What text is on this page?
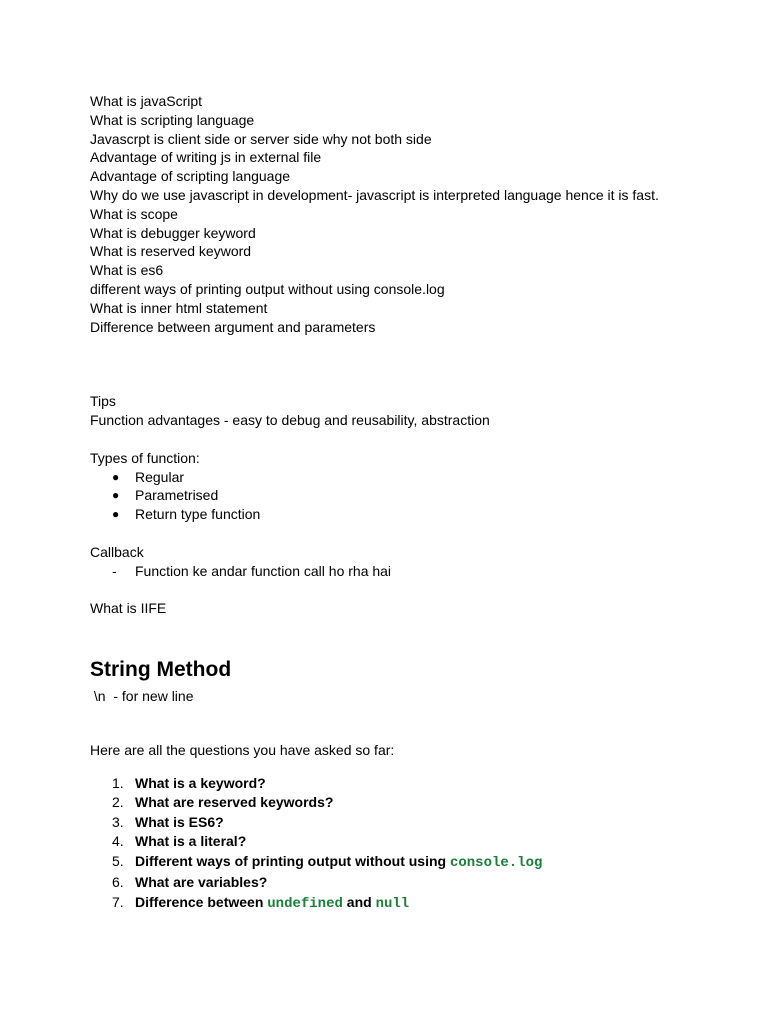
What is javaScript
What is scripting language
Javascrpt is client side or server side why not both side
Advantage of writing js in external file
Advantage of scripting language
Why do we use javascript in development- javascript is interpreted language hence it is fast.
What is scope
What is debugger keyword
What is reserved keyword
What is es6
different ways of printing output without using console.log
What is inner html statement
Difference between argument and parameters
Tips
Function advantages - easy to debug and reusability, abstraction
Types of function:
● Regular
● Parametrised
● Return type function
Callback
- Function ke andar function call ho rha hai
What is IIFE
String Method
\n  - for new line
Here are all the questions you have asked so far:
1. What is a keyword?
2. What are reserved keywords?
3. What is ES6?
4. What is a literal?
5. Different ways of printing output without using console.log
6. What are variables?
7. Difference between undefined and null
